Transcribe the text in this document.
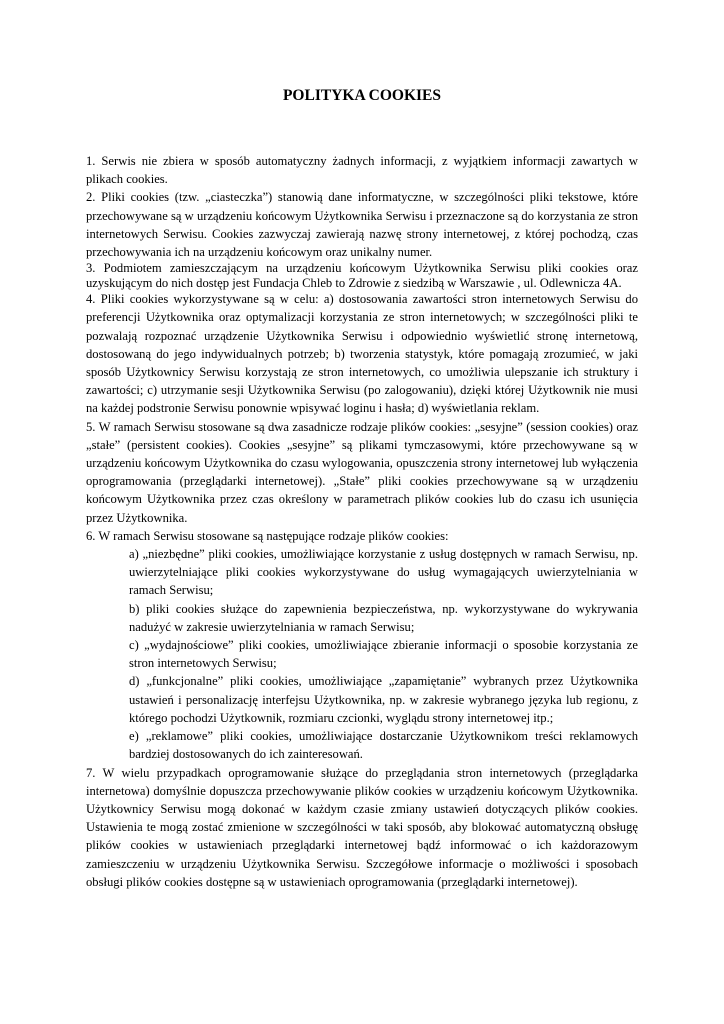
POLITYKA COOKIES

1. Serwis nie zbiera w sposób automatyczny żadnych informacji, z wyjątkiem informacji zawartych w plikach cookies.

2. Pliki cookies (tzw. „ciasteczka”) stanowią dane informatyczne, w szczególności pliki tekstowe, które przechowywane są w urządzeniu końcowym Użytkownika Serwisu i przeznaczone są do korzystania ze stron internetowych Serwisu. Cookies zazwyczaj zawierają nazwę strony internetowej, z której pochodzą, czas przechowywania ich na urządzeniu końcowym oraz unikalny numer.

3. Podmiotem zamieszczającym na urządzeniu końcowym Użytkownika Serwisu pliki cookies oraz uzyskującym do nich dostęp jest Fundacja Chleb to Zdrowie z siedzibą w Warszawie , ul. Odlewnicza 4A.

4. Pliki cookies wykorzystywane są w celu: a) dostosowania zawartości stron internetowych Serwisu do preferencji Użytkownika oraz optymalizacji korzystania ze stron internetowych; w szczególności pliki te pozwalają rozpoznać urządzenie Użytkownika Serwisu i odpowiednio wyświetlić stronę internetową, dostosowaną do jego indywidualnych potrzeb; b) tworzenia statystyk, które pomagają zrozumieć, w jaki sposób Użytkownicy Serwisu korzystają ze stron internetowych, co umożliwia ulepszanie ich struktury i zawartości; c) utrzymanie sesji Użytkownika Serwisu (po zalogowaniu), dzięki której Użytkownik nie musi na każdej podstronie Serwisu ponownie wpisywać loginu i hasła; d) wyświetlania reklam.

5. W ramach Serwisu stosowane są dwa zasadnicze rodzaje plików cookies: „sesyjne” (session cookies) oraz „stałe” (persistent cookies). Cookies „sesyjne” są plikami tymczasowymi, które przechowywane są w urządzeniu końcowym Użytkownika do czasu wylogowania, opuszczenia strony internetowej lub wyłączenia oprogramowania (przeglądarki internetowej). „Stałe” pliki cookies przechowywane są w urządzeniu końcowym Użytkownika przez czas określony w parametrach plików cookies lub do czasu ich usunięcia przez Użytkownika.

6. W ramach Serwisu stosowane są następujące rodzaje plików cookies:

a) „niezbędne” pliki cookies, umożliwiające korzystanie z usług dostępnych w ramach Serwisu, np. uwierzytelniające pliki cookies wykorzystywane do usług wymagających uwierzytelniania w ramach Serwisu;

b) pliki cookies służące do zapewnienia bezpieczeństwa, np. wykorzystywane do wykrywania nadużyć w zakresie uwierzytelniania w ramach Serwisu;

c) „wydajnościowe” pliki cookies, umożliwiające zbieranie informacji o sposobie korzystania ze stron internetowych Serwisu;

d) „funkcjonalne” pliki cookies, umożliwiające „zapamiętanie” wybranych przez Użytkownika ustawień i personalizację interfejsu Użytkownika, np. w zakresie wybranego języka lub regionu, z którego pochodzi Użytkownik, rozmiaru czcionki, wyglądu strony internetowej itp.;

e) „reklamowe” pliki cookies, umożliwiające dostarczanie Użytkownikom treści reklamowych bardziej dostosowanych do ich zainteresowań.

7. W wielu przypadkach oprogramowanie służące do przeglądania stron internetowych (przeglądarka internetowa) domyślnie dopuszcza przechowywanie plików cookies w urządzeniu końcowym Użytkownika. Użytkownicy Serwisu mogą dokonać w każdym czasie zmiany ustawień dotyczących plików cookies. Ustawienia te mogą zostać zmienione w szczególności w taki sposób, aby blokować automatyczną obsługę plików cookies w ustawieniach przeglądarki internetowej bądź informować o ich każdorazowym zamieszczeniu w urządzeniu Użytkownika Serwisu. Szczegółowe informacje o możliwości i sposobach obsługi plików cookies dostępne są w ustawieniach oprogramowania (przeglądarki internetowej).
